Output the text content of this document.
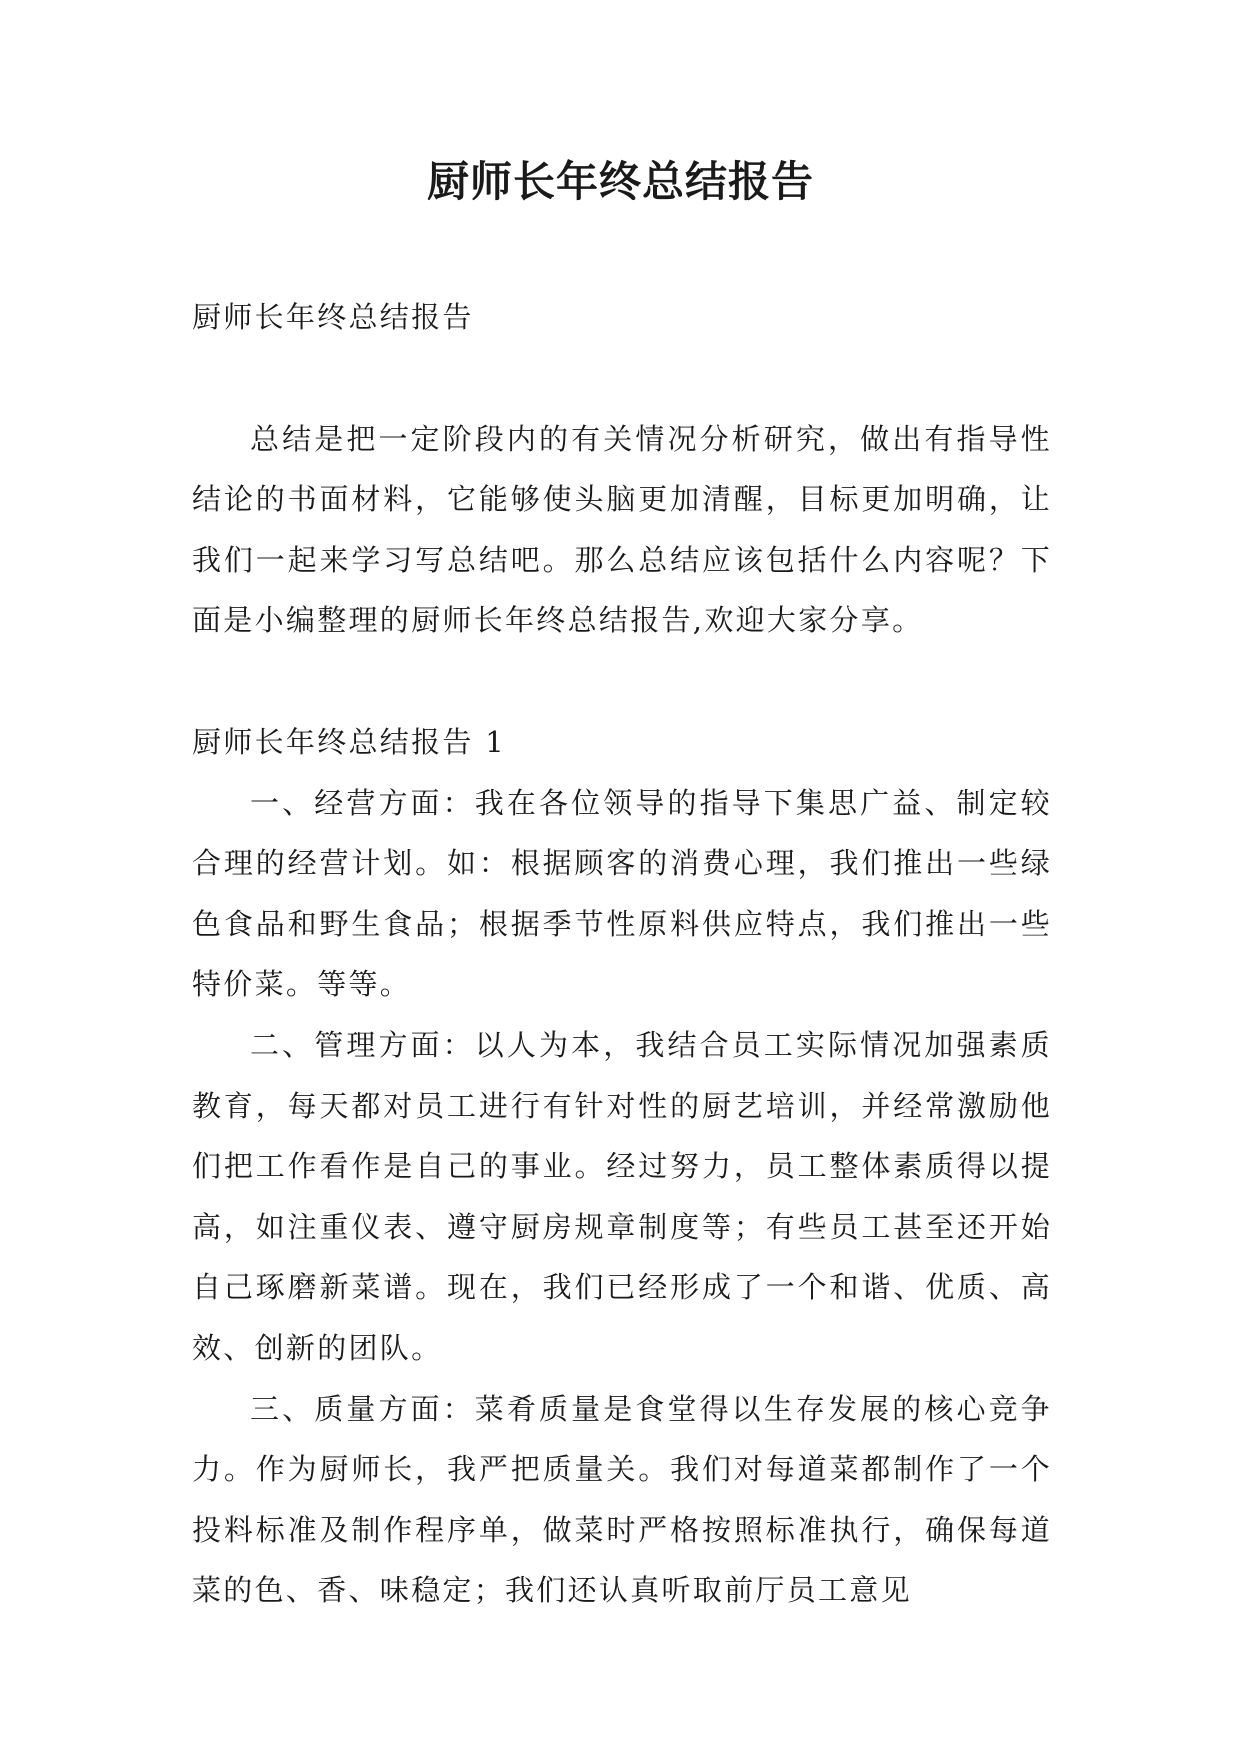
厨师长年终总结报告

厨师长年终总结报告

总结是把一定阶段内的有关情况分析研究，做出有指导性结论的书面材料，它能够使头脑更加清醒，目标更加明确，让我们一起来学习写总结吧。那么总结应该包括什么内容呢？下面是小编整理的厨师长年终总结报告,欢迎大家分享。

厨师长年终总结报告 1

一、经营方面：我在各位领导的指导下集思广益、制定较合理的经营计划。如：根据顾客的消费心理，我们推出一些绿色食品和野生食品；根据季节性原料供应特点，我们推出一些特价菜。等等。

二、管理方面：以人为本，我结合员工实际情况加强素质教育，每天都对员工进行有针对性的厨艺培训，并经常激励他们把工作看作是自己的事业。经过努力，员工整体素质得以提高，如注重仪表、遵守厨房规章制度等；有些员工甚至还开始自己琢磨新菜谱。现在，我们已经形成了一个和谐、优质、高效、创新的团队。

三、质量方面：菜肴质量是食堂得以生存发展的核心竞争力。作为厨师长，我严把质量关。我们对每道菜都制作了一个投料标准及制作程序单，做菜时严格按照标准执行，确保每道菜的色、香、味稳定；我们还认真听取前厅员工意见
